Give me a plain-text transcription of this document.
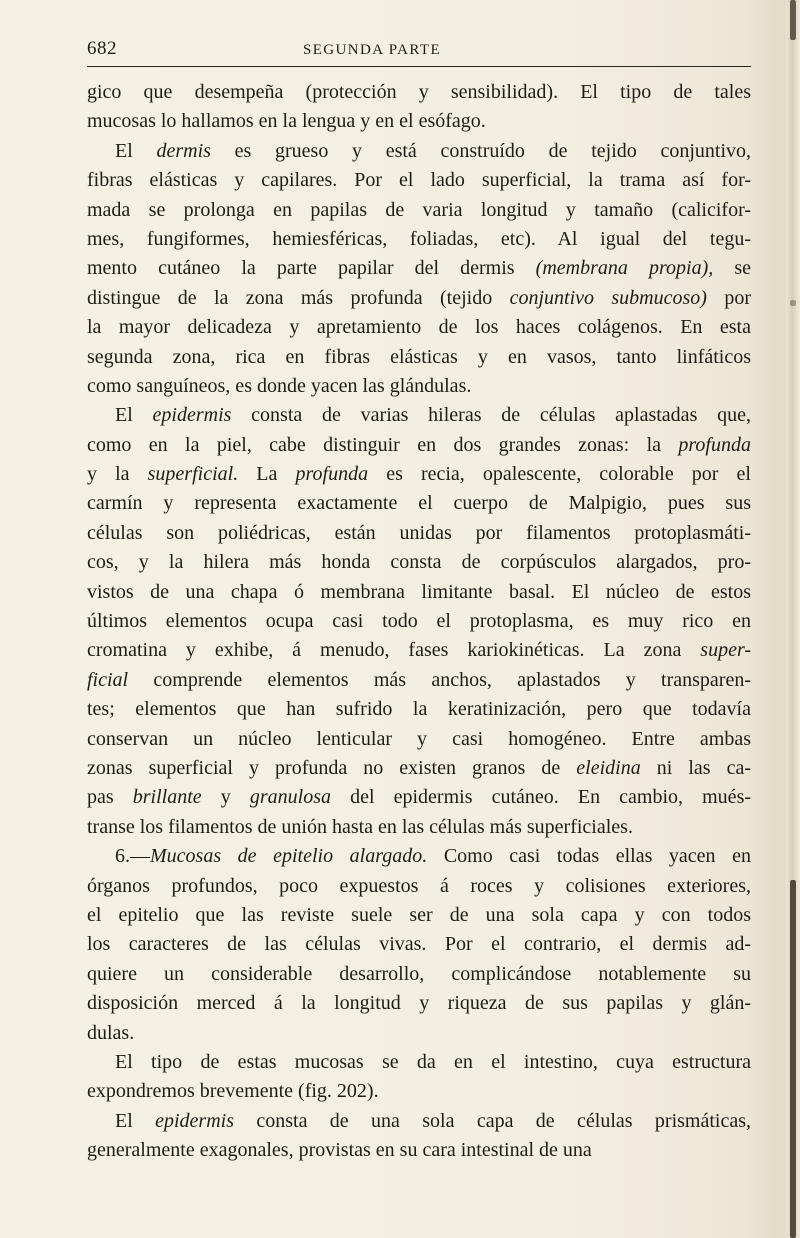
682	SEGUNDA PARTE
gico que desempeña (protección y sensibilidad). El tipo de tales
mucosas lo hallamos en la lengua y en el esófago.
El dermis es grueso y está construído de tejido conjuntivo,
fibras elásticas y capilares. Por el lado superficial, la trama así for-
mada se prolonga en papilas de varia longitud y tamaño (calicifor-
mes, fungiformes, hemiesféricas, foliadas, etc). Al igual del tegu-
mento cutáneo la parte papilar del dermis (membrana propia), se
distingue de la zona más profunda (tejido conjuntivo submucoso) por
la mayor delicadeza y apretamiento de los haces colágenos. En esta
segunda zona, rica en fibras elásticas y en vasos, tanto linfáticos
como sanguíneos, es donde yacen las glándulas.
El epidermis consta de varias hileras de células aplastadas que,
como en la piel, cabe distinguir en dos grandes zonas: la profunda
y la superficial. La profunda es recia, opalescente, colorable por el
carmín y representa exactamente el cuerpo de Malpigio, pues sus
células son poliédricas, están unidas por filamentos protoplasmáti-
cos, y la hilera más honda consta de corpúsculos alargados, pro-
vistos de una chapa ó membrana limitante basal. El núcleo de estos
últimos elementos ocupa casi todo el protoplasma, es muy rico en
cromatina y exhibe, á menudo, fases kariokinéticas. La zona super-
ficial comprende elementos más anchos, aplastados y transparen-
tes; elementos que han sufrido la keratinización, pero que todavía
conservan un núcleo lenticular y casi homogéneo. Entre ambas
zonas superficial y profunda no existen granos de eleidina ni las ca-
pas brillante y granulosa del epidermis cutáneo. En cambio, mués-
transe los filamentos de unión hasta en las células más superficiales.
6.—Mucosas de epitelio alargado. Como casi todas ellas yacen en
órganos profundos, poco expuestos á roces y colisiones exteriores,
el epitelio que las reviste suele ser de una sola capa y con todos
los caracteres de las células vivas. Por el contrario, el dermis ad-
quiere un considerable desarrollo, complicándose notablemente su
disposición merced á la longitud y riqueza de sus papilas y glán-
dulas.
El tipo de estas mucosas se da en el intestino, cuya estructura
expondremos brevemente (fig. 202).
El epidermis consta de una sola capa de células prismáticas,
generalmente exagonales, provistas en su cara intestinal de una
